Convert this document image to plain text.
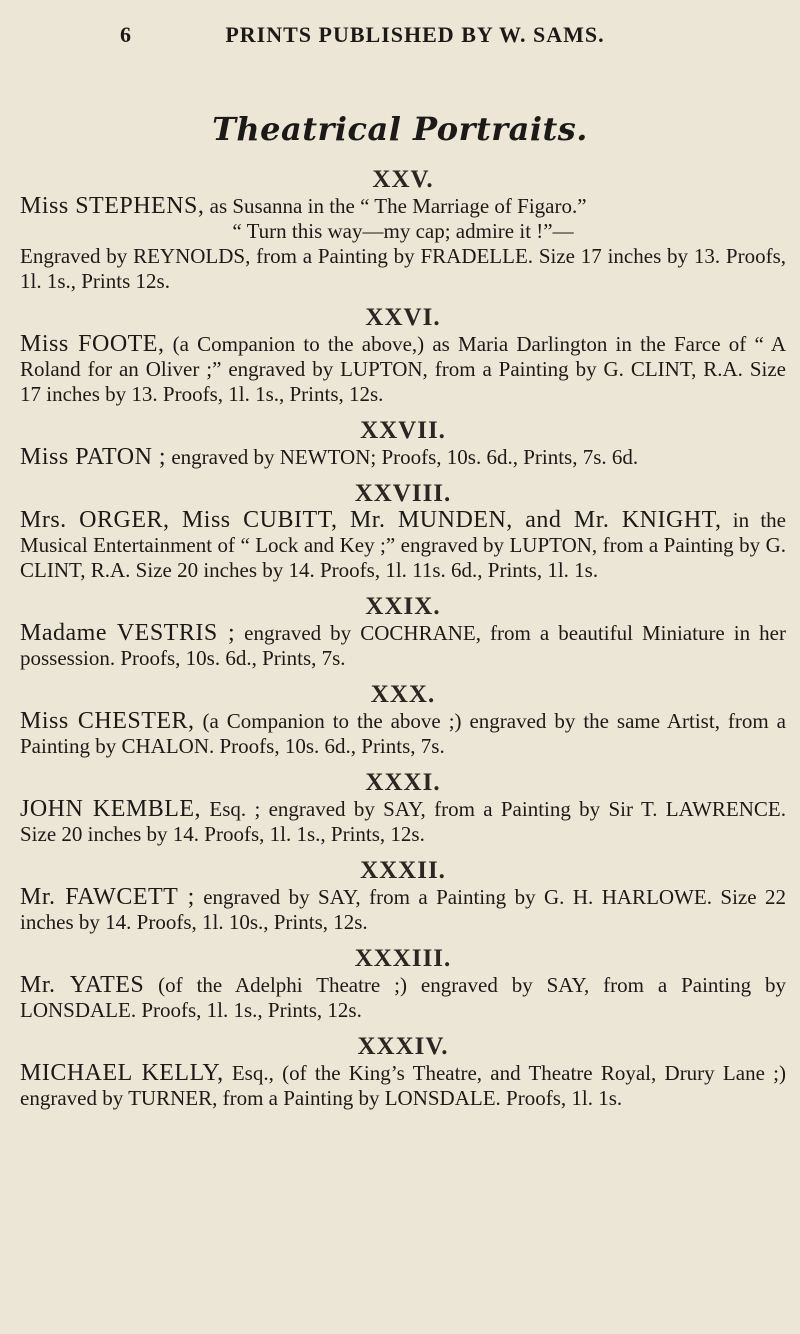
6	PRINTS PUBLISHED BY W. SAMS.
Theatrical Portraits.

XXV.

Miss STEPHENS, as Susanna in the “ The Marriage of Figaro.”
“ Turn this way—my cap; admire it !”—
Engraved by REYNOLDS, from a Painting by FRADELLE. Size 17 inches by 13. Proofs, 1l. 1s., Prints 12s.

XXVI.

Miss FOOTE, (a Companion to the above,) as Maria Darlington in the Farce of “ A Roland for an Oliver ;” engraved by LUPTON, from a Painting by G. CLINT, R.A. Size 17 inches by 13. Proofs, 1l. 1s., Prints, 12s.

XXVII.

Miss PATON ; engraved by NEWTON; Proofs, 10s. 6d., Prints, 7s. 6d.

XXVIII.

Mrs. ORGER, Miss CUBITT, Mr. MUNDEN, and Mr. KNIGHT, in the Musical Entertainment of “ Lock and Key ;” engraved by LUPTON, from a Painting by G. CLINT, R.A. Size 20 inches by 14. Proofs, 1l. 11s. 6d., Prints, 1l. 1s.

XXIX.

Madame VESTRIS ; engraved by COCHRANE, from a beautiful Miniature in her possession. Proofs, 10s. 6d., Prints, 7s.

XXX.

Miss CHESTER, (a Companion to the above ;) engraved by the same Artist, from a Painting by CHALON. Proofs, 10s. 6d., Prints, 7s.

XXXI.

JOHN KEMBLE, Esq. ; engraved by SAY, from a Painting by Sir T. LAWRENCE. Size 20 inches by 14. Proofs, 1l. 1s., Prints, 12s.

XXXII.

Mr. FAWCETT ; engraved by SAY, from a Painting by G. H. HARLOWE. Size 22 inches by 14. Proofs, 1l. 10s., Prints, 12s.

XXXIII.

Mr. YATES (of the Adelphi Theatre ;) engraved by SAY, from a Painting by LONSDALE. Proofs, 1l. 1s., Prints, 12s.

XXXIV.

MICHAEL KELLY, Esq., (of the King’s Theatre, and Theatre Royal, Drury Lane ;) engraved by TURNER, from a Painting by LONSDALE. Proofs, 1l. 1s.
